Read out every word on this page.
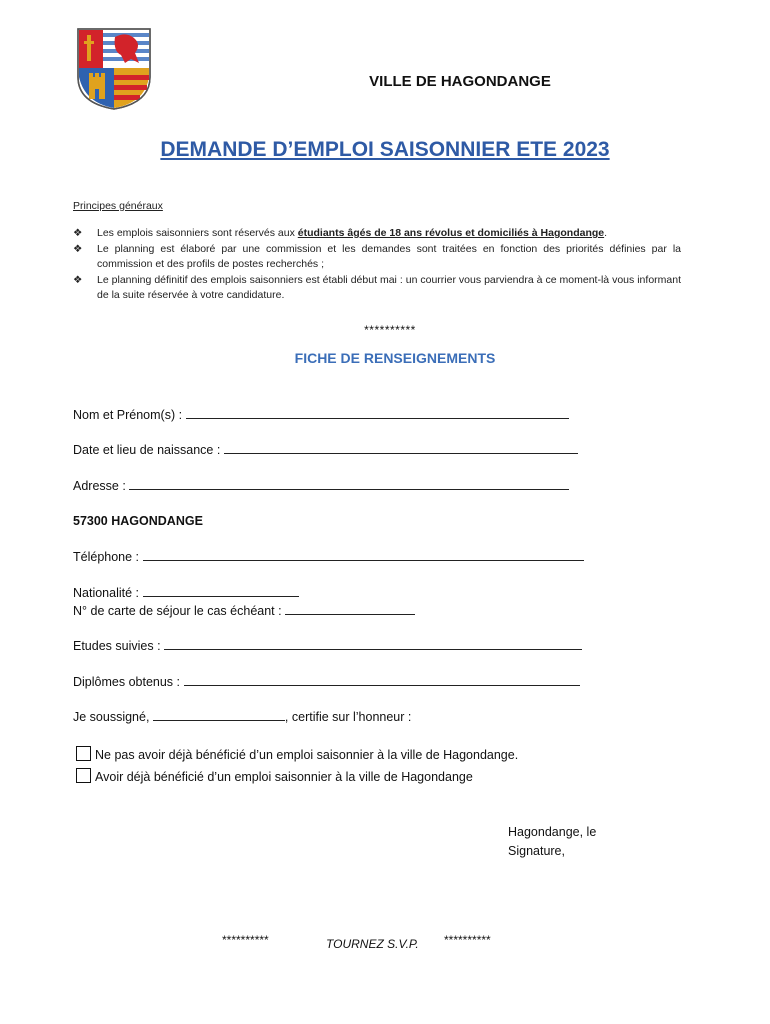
VILLE DE HAGONDANGE
DEMANDE D’EMPLOI SAISONNIER ETE 2023
Principes généraux
❖ Les emplois saisonniers sont réservés aux étudiants âgés de 18 ans révolus et domiciliés à Hagondange.
❖ Le planning est élaboré par une commission et les demandes sont traitées en fonction des priorités définies par la commission et des profils de postes recherchés ;
❖ Le planning définitif des emplois saisonniers est établi début mai : un courrier vous parviendra à ce moment-là vous informant de la suite réservée à votre candidature.
**********
FICHE DE RENSEIGNEMENTS
Nom et Prénom(s) :
Date et lieu de naissance :
Adresse :
57300 HAGONDANGE
Téléphone :
Nationalité :
N° de carte de séjour le cas échéant :
Etudes suivies :
Diplômes obtenus :
Je soussigné,	, certifie sur l’honneur :
Ne pas avoir déjà bénéficié d’un emploi saisonnier à la ville de Hagondange.
Avoir déjà bénéficié d’un emploi saisonnier à la ville de Hagondange
Hagondange, le
Signature,
**********	TOURNEZ S.V.P. **********
